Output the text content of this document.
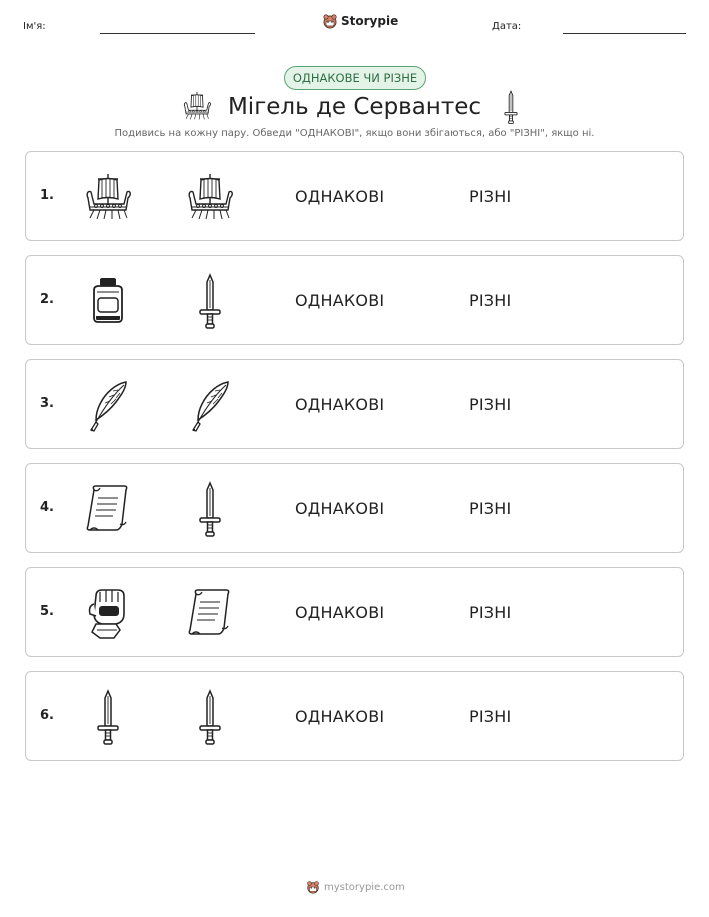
Ім'я:	Storypie	Дата:
ОДНАКОВЕ ЧИ РІЗНЕ
Мігель де Сервантес
Подивись на кожну пару. Обведи "ОДНАКОВІ", якщо вони збігаються, або "РІЗНІ", якщо ні.
1.	ОДНАКОВІ	РІЗНІ
2.	ОДНАКОВІ	РІЗНІ
3.	ОДНАКОВІ	РІЗНІ
4.	ОДНАКОВІ	РІЗНІ
5.	ОДНАКОВІ	РІЗНІ
6.	ОДНАКОВІ	РІЗНІ
mystorypie.com
